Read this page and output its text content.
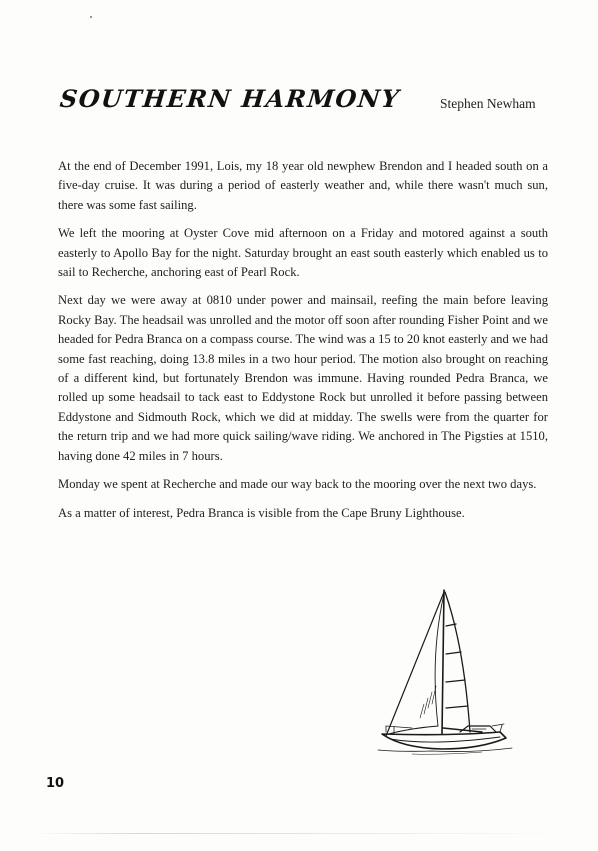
SOUTHERN HARMONY	Stephen Newham

At the end of December 1991, Lois, my 18 year old newphew Brendon and I headed south on a five-day cruise. It was during a period of easterly weather and, while there wasn't much sun, there was some fast sailing.

We left the mooring at Oyster Cove mid afternoon on a Friday and motored against a south easterly to Apollo Bay for the night. Saturday brought an east south easterly which enabled us to sail to Recherche, anchoring east of Pearl Rock.

Next day we were away at 0810 under power and mainsail, reefing the main before leaving Rocky Bay. The headsail was unrolled and the motor off soon after rounding Fisher Point and we headed for Pedra Branca on a compass course. The wind was a 15 to 20 knot easterly and we had some fast reaching, doing 13.8 miles in a two hour period. The motion also brought on reaching of a different kind, but fortunately Brendon was immune. Having rounded Pedra Branca, we rolled up some headsail to tack east to Eddystone Rock but unrolled it before passing between Eddystone and Sidmouth Rock, which we did at midday. The swells were from the quarter for the return trip and we had more quick sailing/wave riding. We anchored in The Pigsties at 1510, having done 42 miles in 7 hours.

Monday we spent at Recherche and made our way back to the mooring over the next two days.

As a matter of interest, Pedra Branca is visible from the Cape Bruny Lighthouse.

10
